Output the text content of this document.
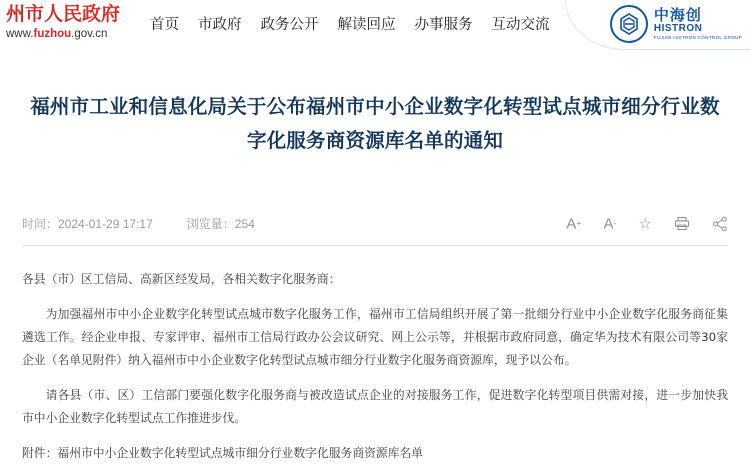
州市人民政府
www.fuzhou.gov.cn
首页 市政府 政务公开 解读回应 办事服务 互动交流
中海创
HISTRON
FUJIAN HISTRON CONTROL GROUP
福州市工业和信息化局关于公布福州市中小企业数字化转型试点城市细分行业数字化服务商资源库名单的通知
时间：2024-01-29 17:17	浏览量：254	A + A - ☆

各县（市）区工信局、高新区经发局，各相关数字化服务商：

为加强福州市中小企业数字化转型试点城市数字化服务工作，福州市工信局组织开展了第一批细分行业中小企业数字化服务商征集遴选工作。经企业申报、专家评审、福州市工信局行政办公会议研究、网上公示等，并根据市政府同意，确定华为技术有限公司等30家企业（名单见附件）纳入福州市中小企业数字化转型试点城市细分行业数字化服务商资源库，现予以公布。

请各县（市、区）工信部门要强化数字化服务商与被改造试点企业的对接服务工作，促进数字化转型项目供需对接，进一步加快我市中小企业数字化转型试点工作推进步伐。

附件：福州市中小企业数字化转型试点城市细分行业数字化服务商资源库名单
